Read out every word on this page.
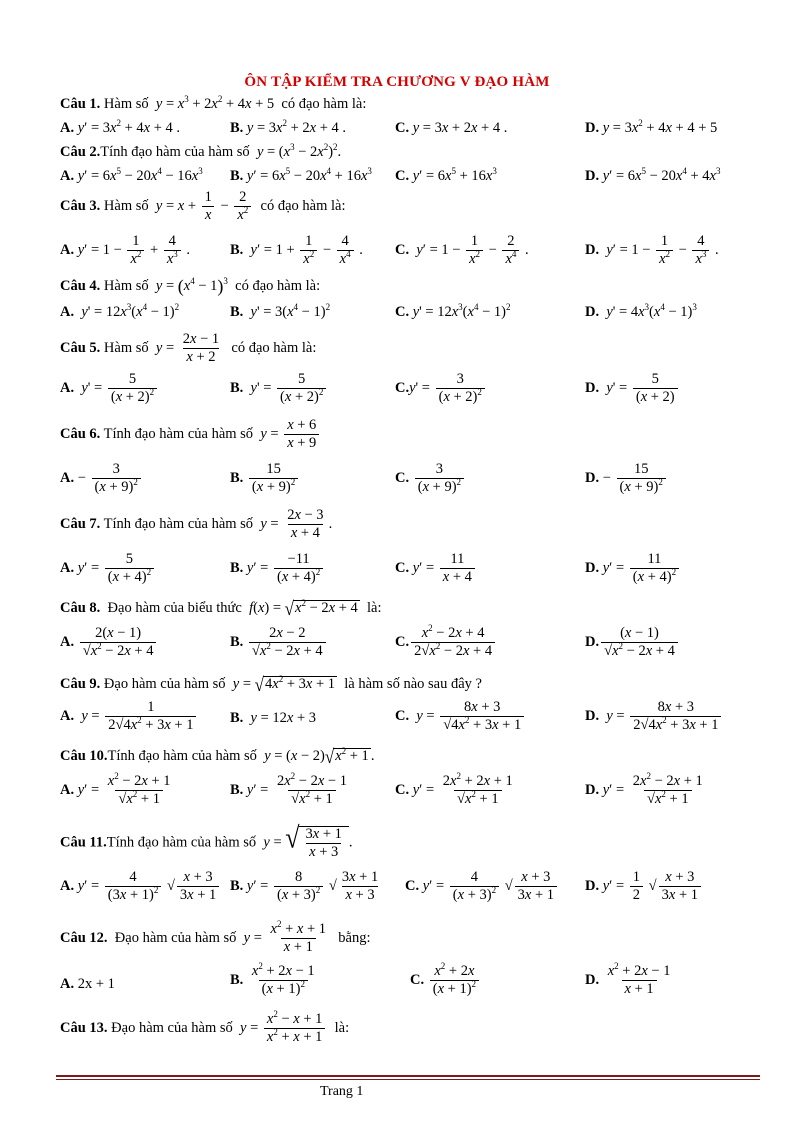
ÔN TẬP KIỂM TRA CHƯƠNG V ĐẠO HÀM
Câu 1. Hàm số $y = x^3 + 2x^2 + 4x + 5$  có đạo hàm là:
A. $y' = 3x^2 + 4x + 4$ .	B. $y = 3x^2 + 2x + 4$ .	C. y = 3x + 2x + 4 .	D. $y = 3x^2 + 4x + 4 + 5$
Câu 2.Tính đạo hàm của hàm số $y = (x^3 - 2x^2)^2$.
A. $y' = 6x^5 - 20x^4 - 16x^3$ B. $y' = 6x^5 - 20x^4 + 16x^3$ C. $y' = 6x^5 + 16x^3$	D. $y' = 6x^5 - 20x^4 + 4x^3$
Câu 3. Hàm số $y = x + \frac{1}{x} - \frac{2}{x^2}$ có đạo hàm là:
A. $y' = 1 - \frac{1}{x^2} + \frac{4}{x^3}$ .	B. $y' = 1 + \frac{1}{x^2} - \frac{4}{x^4}$ . C. $y' = 1 - \frac{1}{x^2} - \frac{2}{x^4}$ .	D. $y' = 1 - \frac{1}{x^2} - \frac{4}{x^3}$ .
Câu 4. Hàm số $y = (x^4 - 1)^3$ có đạo hàm là:
A. $y' = 12x^3(x^4 - 1)^2$	B. $y' = 3(x^4 - 1)^2$	C. $y' = 12x^3(x^4 - 1)^2$	D. $y' = 4x^3(x^4 - 1)^3$
Câu 5. Hàm số $y = \frac{2x - 1}{x + 2}$ có đạo hàm là:
A. $y' = \frac{5}{(x + 2)^2}$	B. $y' = \frac{5}{(x + 2)^2}$	$C.y' = \frac{3}{(x + 2)^2}$	D. $y' = \frac{5}{(x + 2)}$
Câu 6. Tính đạo hàm của hàm số $y = \frac{x + 6}{x + 9}$
A. − $\frac{3}{(x + 9)^2}$	B. $\frac{15}{(x + 9)^2}$	C. $\frac{3}{(x + 9)^2}$	D. − $\frac{15}{(x + 9)^2}$
Câu 7. Tính đạo hàm của hàm số $y = \frac{2x - 3}{x + 4}$ .
A. $y' = \frac{5}{(x + 4)^2}$	B. $y' = \frac{-11}{(x + 4)^2}$	C. $y' = \frac{11}{x + 4}$	D. $y' = \frac{11}{(x + 4)^2}$
Câu 8. Đạo hàm của biểu thức f(x) = √ $x^2 - 2x + 4$ là:
A. $\frac{2(x - 1)}{√x^2 - 2x + 4}$	B. $\frac{2x - 2}{√x^2 - 2x + 4}$	C. $\frac{x^2 - 2x + 4}{2√x^2 - 2x + 4}$	D. $\frac{(x - 1)}{√x^2 - 2x + 4}$
Câu 9. Đạo hàm của hàm số y = √ $4x^2 + 3x + 1$ là hàm số nào sau đây ?
A. $y = \frac{1}{2√4x^2 + 3x + 1} B$. y = 12x + 3	C. $y = \frac{8x + 3}{√4x^2 + 3x + 1}$	D. $y = \frac{8x + 3}{2√4x^2 + 3x + 1}$
Câu 10.Tính đạo hàm của hàm số y = (x − 2) √ $x^2 + 1$ .
A. $y' = \frac{x^2 - 2x + 1}{√x^2 + 1}$	B. $y' = \frac{2x^2 - 2x - 1}{√x^2 + 1}$	C. $y' = \frac{2x^2 + 2x + 1}{√x^2 + 1}$	D. $y' = \frac{2x^2 - 2x + 1}{√x^2 + 1}$
Câu 11.Tính đạo hàm của hàm số y = √ $\frac{3x + 1}{x + 3}$ .
A. $y' = \frac{4}{(3x + 1)^2}$ √ $\frac{x + 3}{3x + 1} B$. $y' = \frac{8}{(x + 3)^2}$ √ $\frac{3x + 1}{x + 3} C$. $y' = \frac{4}{(x + 3)^2}$ √ $\frac{x + 3}{3x + 1} D$. $y' = \frac{1}{2}$ √ $\frac{x + 3}{3x + 1}$
Câu 12. Đạo hàm của hàm số $y = \frac{x^2 + x + 1}{x + 1}$ bằng:
A. 2x + 1	B. $\frac{x^2 + 2x - 1}{(x + 1)^2}$	C. $\frac{x^2 + 2x}{(x + 1)^2}$	D. $\frac{x^2 + 2x - 1}{x + 1}$
Câu 13. Đạo hàm của hàm số $y = \frac{x^2 - x + 1}{x^2 + x + 1}$ là:
Trang 1
